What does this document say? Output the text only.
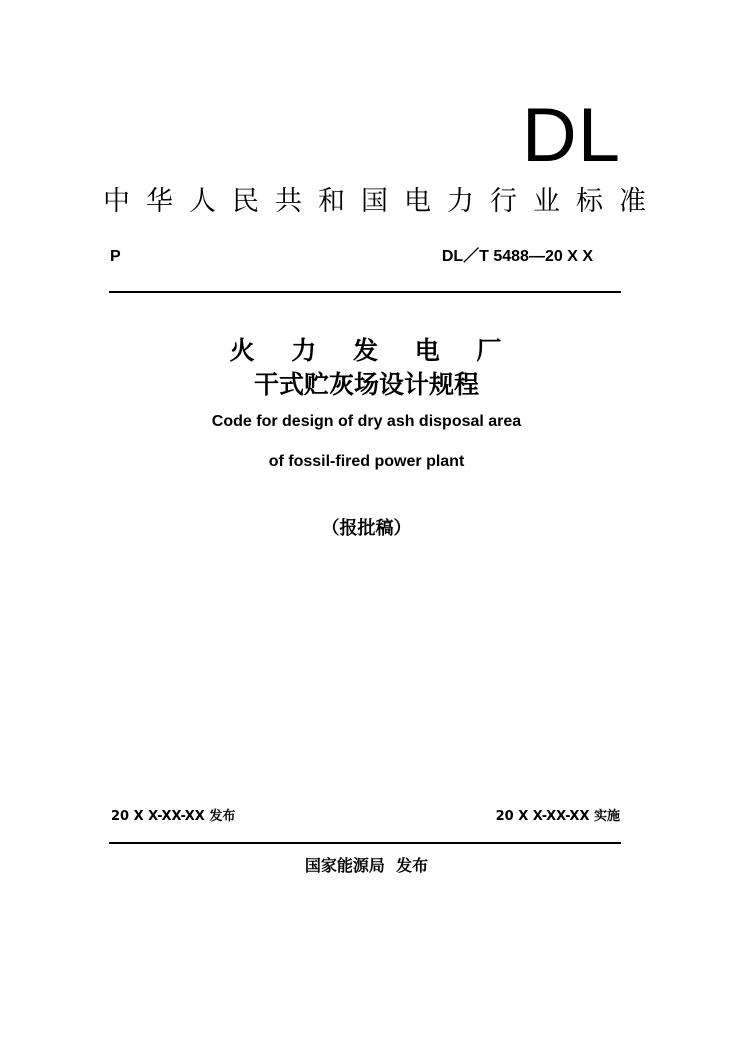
DL
中华人民共和国电力行业标准
P	DL／T 5488—20 X X
火 力 发 电 厂
干式贮灰场设计规程
Code for design of dry ash disposal area
of fossil-fired power plant
（报批稿）
20 X X-XX-XX 发布	20 X X-XX-XX 实施
国家能源局  发布
